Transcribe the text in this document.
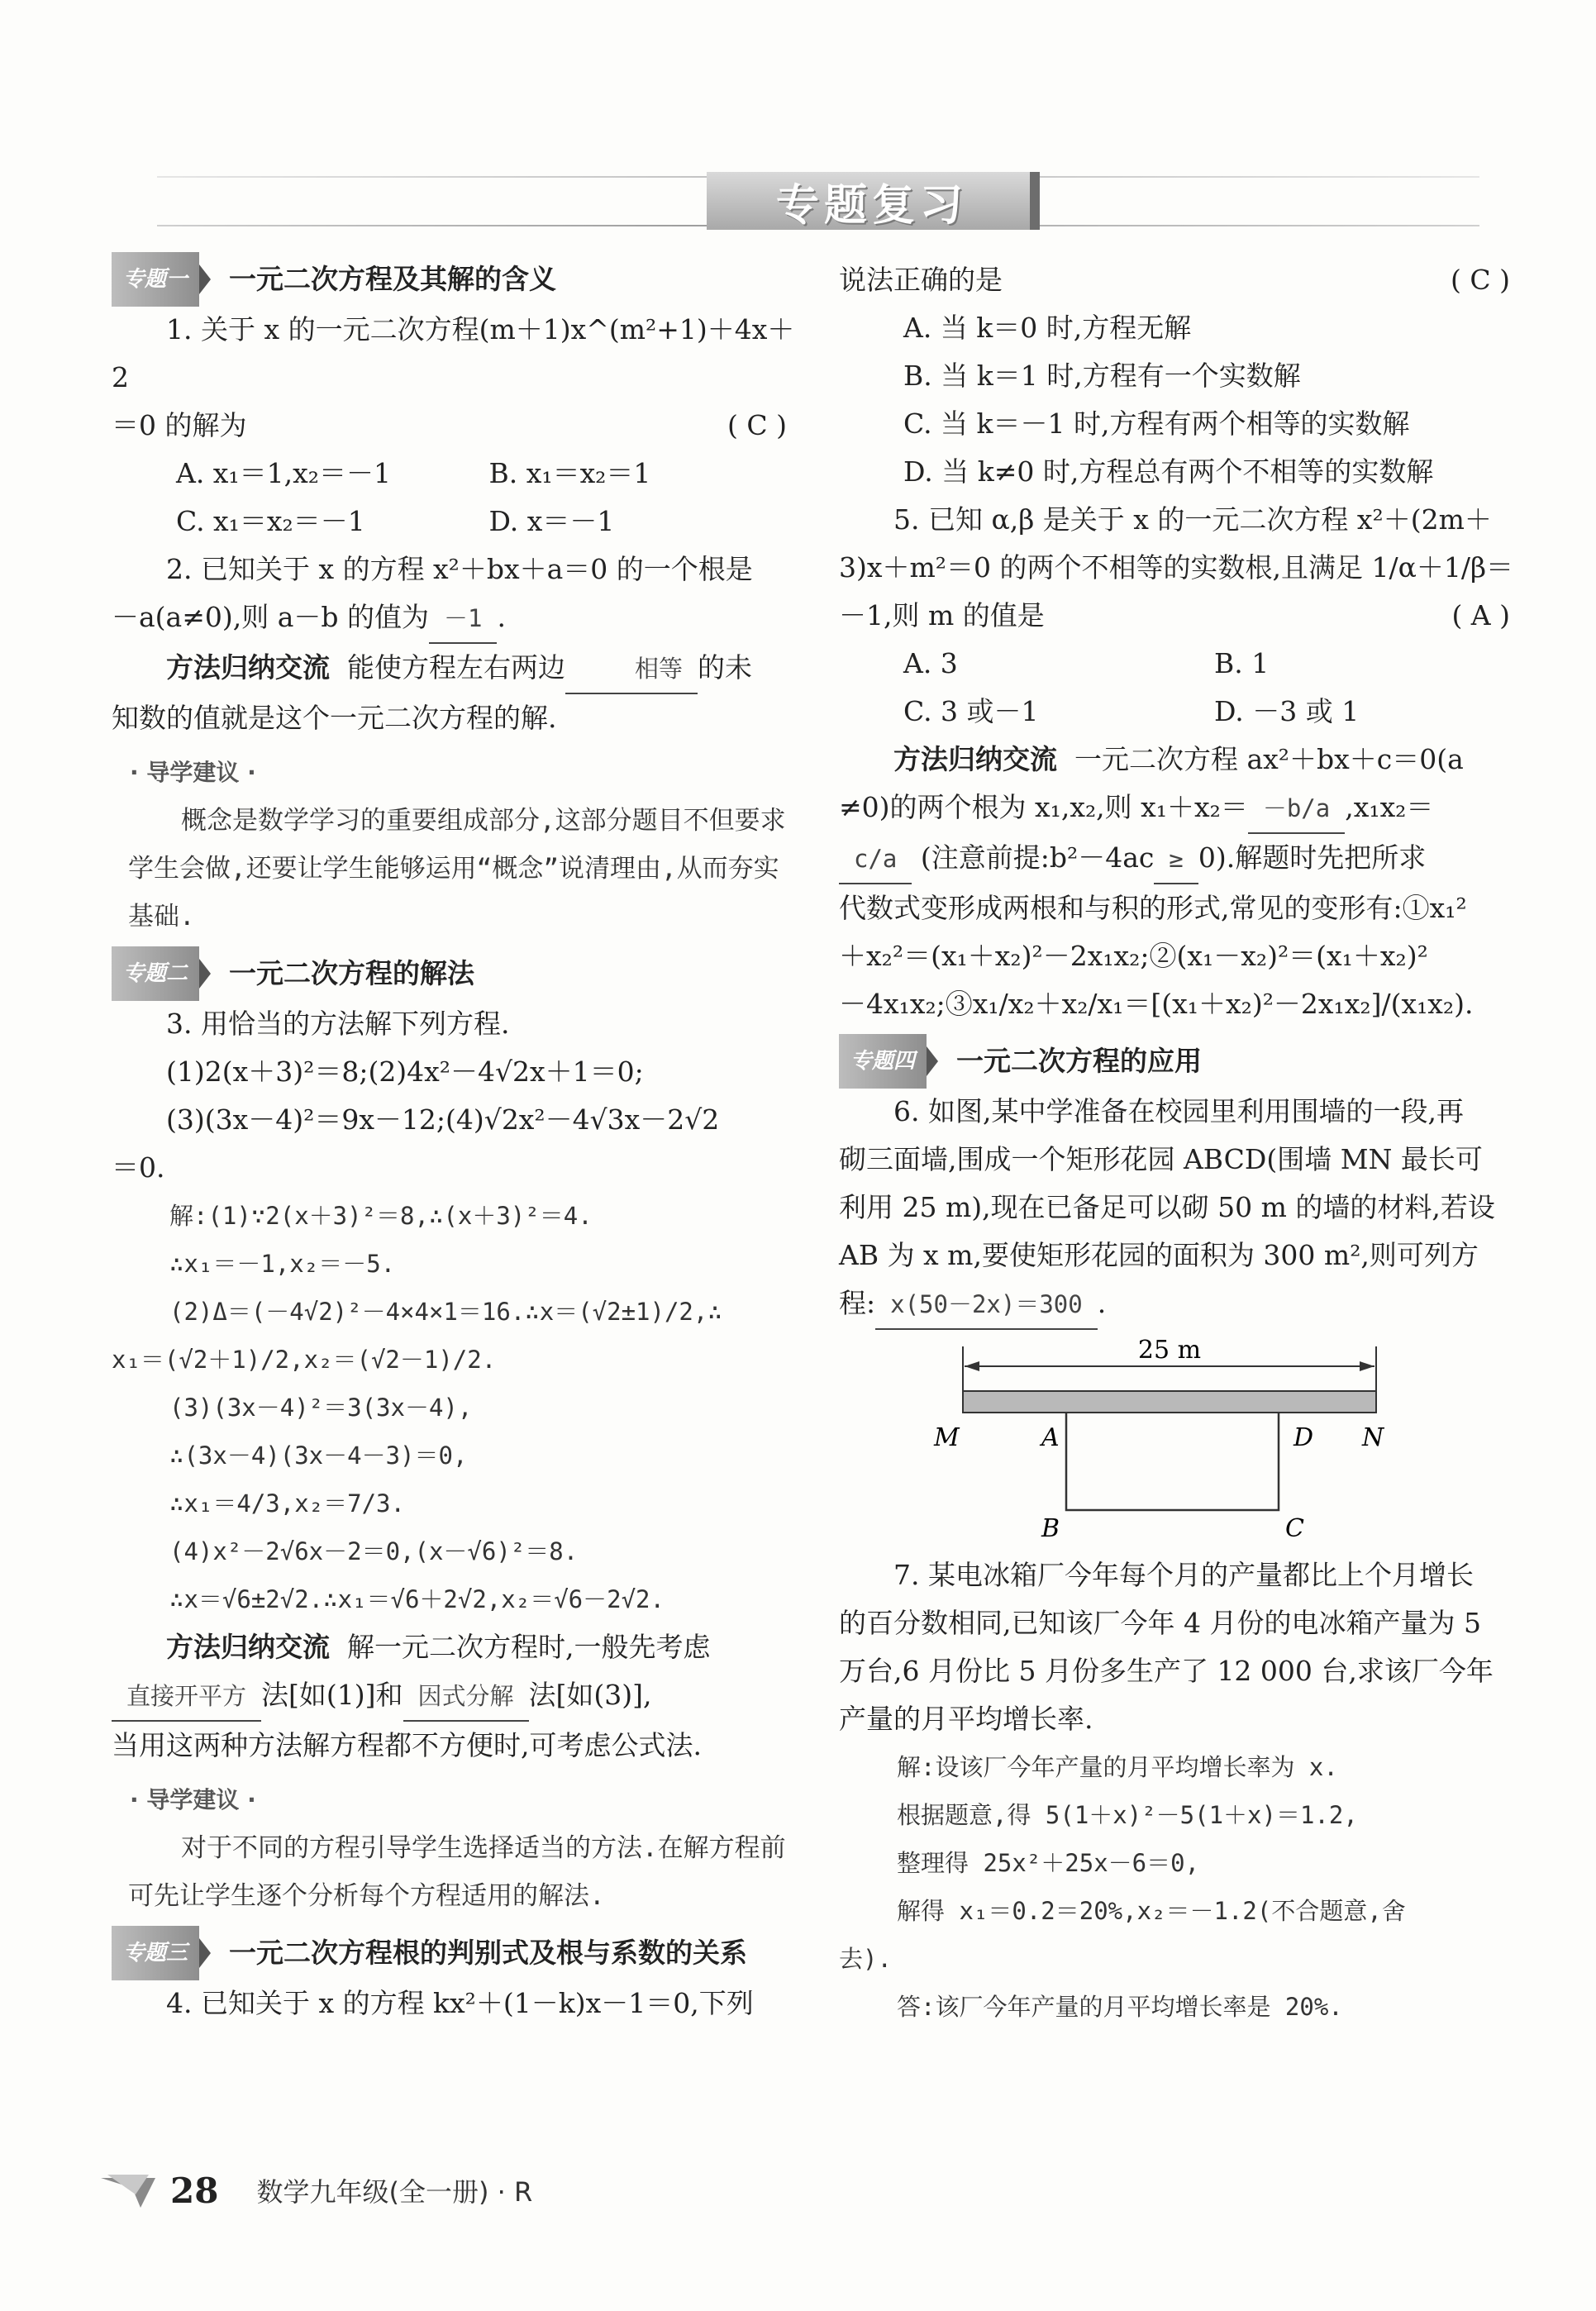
专题复习
专题一	一元二次方程及其解的含义

1. 关于 x 的一元二次方程(m＋1)x^(m²+1)＋4x＋2

＝0 的解为	( C )

A. x₁＝1,x₂＝－1	B. x₁＝x₂＝1
C. x₁＝x₂＝－1	D. x＝－1

2. 已知关于 x 的方程 x²＋bx＋a＝0 的一个根是

－a(a≠0),则 a－b 的值为 －1 .

方法归纳交流 能使方程左右两边	相等 的未

知数的值就是这个一元二次方程的解.

· 导学建议 ·

概念是数学学习的重要组成部分,这部分题目不但要求学生会做,还要让学生能够运用“概念”说清理由,从而夯实基础.

专题二	一元二次方程的解法

3. 用恰当的方法解下列方程.

(1)2(x＋3)²＝8;(2)4x²－4√2x＋1＝0;

(3)(3x－4)²＝9x－12;(4)√2x²－4√3x－2√2

＝0.

解:(1)∵2(x＋3)²＝8,∴(x＋3)²＝4.

∴x₁＝－1,x₂＝－5.

(2)Δ＝(－4√2)²－4×4×1＝16.∴x＝(√2±1)/2,∴

x₁＝(√2＋1)/2,x₂＝(√2－1)/2.

(3)(3x－4)²＝3(3x－4),

∴(3x－4)(3x－4－3)＝0,

∴x₁＝4/3,x₂＝7/3.

(4)x²－2√6x－2＝0,(x－√6)²＝8.

∴x＝√6±2√2.∴x₁＝√6＋2√2,x₂＝√6－2√2.

方法归纳交流 解一元二次方程时,一般先考虑

直接开平方 法[如(1)]和 因式分解 法[如(3)],

当用这两种方法解方程都不方便时,可考虑公式法.

· 导学建议 ·

对于不同的方程引导学生选择适当的方法.在解方程前可先让学生逐个分析每个方程适用的解法.

专题三	一元二次方程根的判别式及根与系数的关系

4. 已知关于 x 的方程 kx²＋(1－k)x－1＝0,下列

说法正确的是	( C )

A. 当 k＝0 时,方程无解

B. 当 k＝1 时,方程有一个实数解

C. 当 k＝－1 时,方程有两个相等的实数解

D. 当 k≠0 时,方程总有两个不相等的实数解

5. 已知 α,β 是关于 x 的一元二次方程 x²＋(2m＋

3)x＋m²＝0 的两个不相等的实数根,且满足 1/α＋1/β＝

－1,则 m 的值是	( A )

A. 3	B. 1
C. 3 或－1	D. －3 或 1

方法归纳交流 一元二次方程 ax²＋bx＋c＝0(a

≠0)的两个根为 x₁,x₂,则 x₁＋x₂＝ －b/a ,x₁x₂＝

c/a (注意前提:b²－4ac ≥ 0).解题时先把所求

代数式变形成两根和与积的形式,常见的变形有:①x₁²

＋x₂²＝(x₁＋x₂)²－2x₁x₂;②(x₁－x₂)²＝(x₁＋x₂)²

－4x₁x₂;③x₁/x₂＋x₂/x₁＝[(x₁＋x₂)²－2x₁x₂]/(x₁x₂).

专题四	一元二次方程的应用

6. 如图,某中学准备在校园里利用围墙的一段,再

砌三面墙,围成一个矩形花园 ABCD(围墙 MN 最长可

利用 25 m),现在已备足可以砌 50 m 的墙的材料,若设

AB 为 x m,要使矩形花园的面积为 300 m²,则可列方

程: x(50－2x)＝300 .

25 m
M	A	D N
B	C

7. 某电冰箱厂今年每个月的产量都比上个月增长

的百分数相同,已知该厂今年 4 月份的电冰箱产量为 5

万台,6 月份比 5 月份多生产了 12 000 台,求该厂今年

产量的月平均增长率.

解:设该厂今年产量的月平均增长率为 x.

根据题意,得 5(1＋x)²－5(1＋x)＝1.2,

整理得 25x²＋25x－6＝0,

解得 x₁＝0.2＝20%,x₂＝－1.2(不合题意,舍

去).

答:该厂今年产量的月平均增长率是 20%.

28 数学九年级(全一册) · R
